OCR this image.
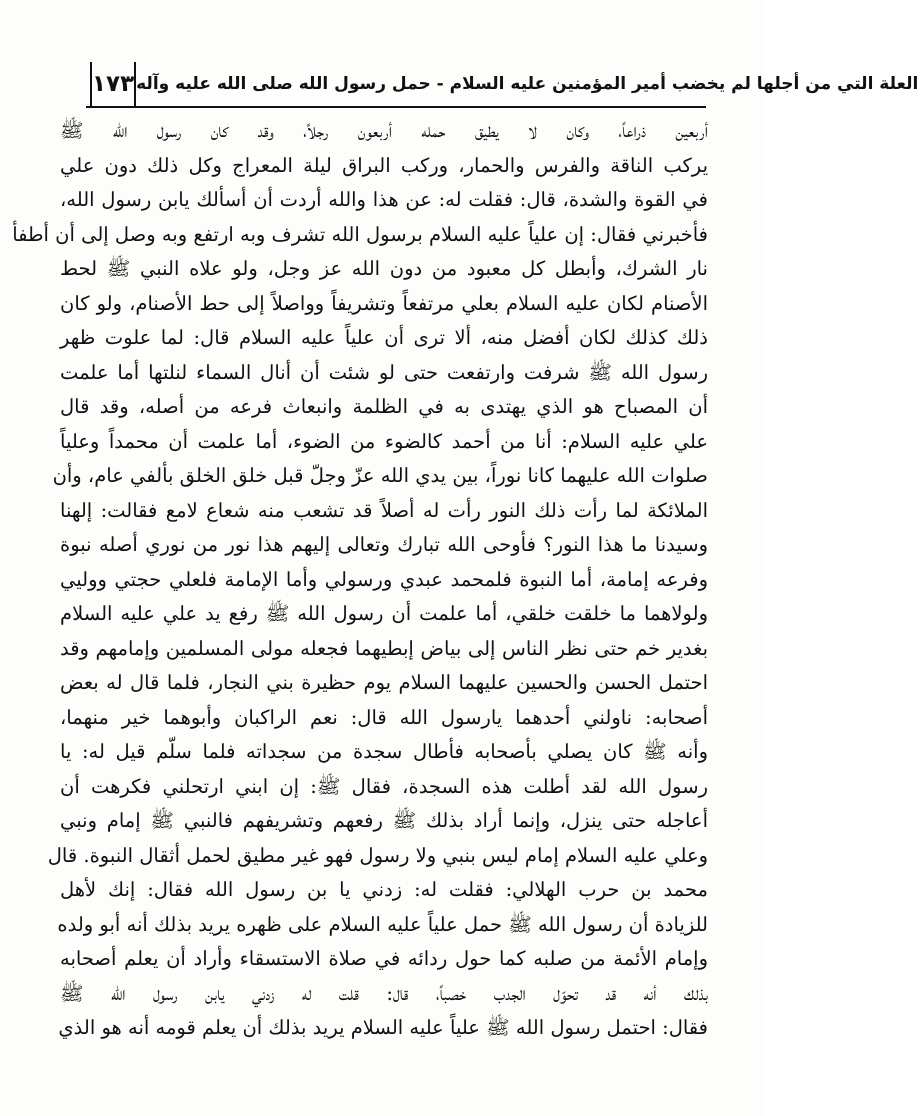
١٧٣ العلة التي من أجلها لم يخضب أمير المؤمنين عليه السلام - حمل رسول الله صلى الله عليه وآله
أربعين ذراعاً، وكان لا يطيق حمله أربعون رجلاً، وقد كان رسول الله ﷺ
يركب الناقة والفرس والحمار، وركب البراق ليلة المعراج وكل ذلك دون علي
في القوة والشدة، قال: فقلت له: عن هذا والله أردت أن أسألك يابن رسول الله،
فأخبرني فقال: إن علياً عليه السلام برسول الله تشرف وبه ارتفع وبه وصل إلى أن أطفأ
نار الشرك، وأبطل كل معبود من دون الله عز وجل، ولو علاه النبي ﷺ لحط
الأصنام لكان عليه السلام بعلي مرتفعاً وتشريفاً وواصلاً إلى حط الأصنام، ولو كان
ذلك كذلك لكان أفضل منه، ألا ترى أن علياً عليه السلام قال: لما علوت ظهر
رسول الله ﷺ شرفت وارتفعت حتى لو شئت أن أنال السماء لنلتها أما علمت
أن المصباح هو الذي يهتدى به في الظلمة وانبعاث فرعه من أصله، وقد قال
علي عليه السلام: أنا من أحمد كالضوء من الضوء، أما علمت أن محمداً وعلياً
صلوات الله عليهما كانا نوراً، بين يدي الله عزّ وجلّ قبل خلق الخلق بألفي عام، وأن
الملائكة لما رأت ذلك النور رأت له أصلاً قد تشعب منه شعاع لامع فقالت: إلهنا
وسيدنا ما هذا النور؟ فأوحى الله تبارك وتعالى إليهم هذا نور من نوري أصله نبوة
وفرعه إمامة، أما النبوة فلمحمد عبدي ورسولي وأما الإمامة فلعلي حجتي ووليي
ولولاهما ما خلقت خلقي، أما علمت أن رسول الله ﷺ رفع يد علي عليه السلام
بغدير خم حتى نظر الناس إلى بياض إبطيهما فجعله مولى المسلمين وإمامهم وقد
احتمل الحسن والحسين عليهما السلام يوم حظيرة بني النجار، فلما قال له بعض
أصحابه: ناولني أحدهما يارسول الله قال: نعم الراكبان وأبوهما خير منهما،
وأنه ﷺ كان يصلي بأصحابه فأطال سجدة من سجداته فلما سلّم قيل له: يا
رسول الله لقد أطلت هذه السجدة، فقال ﷺ: إن ابني ارتحلني فكرهت أن
أعاجله حتى ينزل، وإنما أراد بذلك ﷺ رفعهم وتشريفهم فالنبي ﷺ إمام ونبي
وعلي عليه السلام إمام ليس بنبي ولا رسول فهو غير مطيق لحمل أثقال النبوة. قال
محمد بن حرب الهلالي: فقلت له: زدني يا بن رسول الله فقال: إنك لأهل
للزيادة أن رسول الله ﷺ حمل علياً عليه السلام على ظهره يريد بذلك أنه أبو ولده
وإمام الأئمة من صلبه كما حول ردائه في صلاة الاستسقاء وأراد أن يعلم أصحابه
بذلك أنه قد تحوّل الجدب خصباً، قال: قلت له زدني يابن رسول الله ﷺ
فقال: احتمل رسول الله ﷺ علياً عليه السلام يريد بذلك أن يعلم قومه أنه هو الذي
